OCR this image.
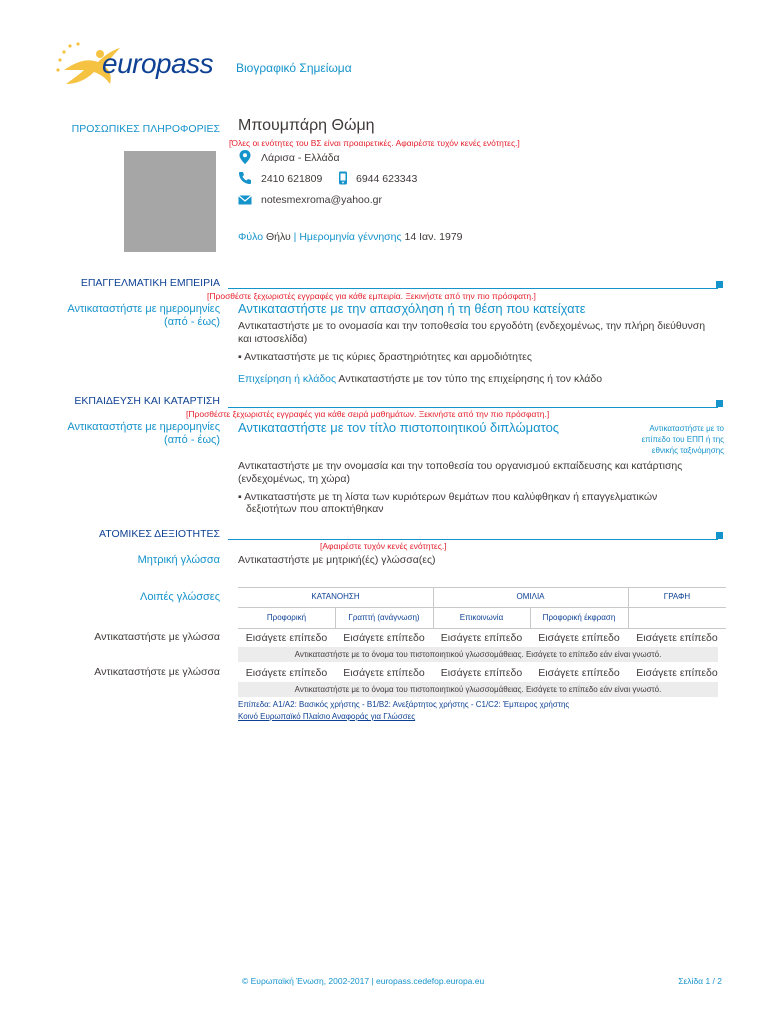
europass Βιογραφικό Σημείωμα
ΠΡΟΣΩΠΙΚΕΣ ΠΛΗΡΟΦΟΡΙΕΣ Μπουμπάρη Θώμη
[Όλες οι ενότητες του ΒΣ είναι προαιρετικές. Αφαιρέστε τυχόν κενές ενότητες.]
Λάρισα - Ελλάδα
2410 621809	6944 623343
notesmexroma@yahoo.gr
Φύλο Θήλυ | Ημερομηνία γέννησης 14 Ιαν. 1979
ΕΠΑΓΓΕΛΜΑΤΙΚΗ ΕΜΠΕΙΡΙΑ
[Προσθέστε ξεχωριστές εγγραφές για κάθε εμπειρία. Ξεκινήστε από την πιο πρόσφατη.]
Αντικαταστήστε με ημερομηνίες
(από - έως)
Αντικαταστήστε με την απασχόληση ή τη θέση που κατείχατε
Αντικαταστήστε με το ονομασία και την τοποθεσία του εργοδότη (ενδεχομένως, την πλήρη διεύθυνση
και ιστοσελίδα)
▪ Αντικαταστήστε με τις κύριες δραστηριότητες και αρμοδιότητες
Επιχείρηση ή κλάδος Αντικαταστήστε με τον τύπο της επιχείρησης ή τον κλάδο
ΕΚΠΑΙΔΕΥΣΗ ΚΑΙ ΚΑΤΑΡΤΙΣΗ
[Προσθέστε ξεχωριστές εγγραφές για κάθε σειρά μαθημάτων. Ξεκινήστε από την πιο πρόσφατη.]
Αντικαταστήστε με ημερομηνίες
(από - έως)
Αντικαταστήστε με τον τίτλο πιστοποιητικού διπλώματος	Αντικαταστήστε με το
επίπεδο του ΕΠΠ ή της
εθνικής ταξινόμησης
Αντικαταστήστε με την ονομασία και την τοποθεσία του οργανισμού εκπαίδευσης και κατάρτισης
(ενδεχομένως, τη χώρα)
▪ Αντικαταστήστε με τη λίστα των κυριότερων θεμάτων που καλύφθηκαν ή επαγγελματικών
δεξιοτήτων που αποκτήθηκαν
ΑΤΟΜΙΚΕΣ ΔΕΞΙΟΤΗΤΕΣ
[Αφαιρέστε τυχόν κενές ενότητες.]
Μητρική γλώσσα Αντικαταστήστε με μητρική(ές) γλώσσα(ες)
Λοιπές γλώσσες	ΚΑΤΑΝΟΗΣΗ	ΟΜΙΛΙΑ	ΓΡΑΦΗ
Προφορική	Γραπτή (ανάγνωση)	Επικοινωνία	Προφορική έκφραση
Αντικαταστήστε με γλώσσα	Εισάγετε επίπεδο	Εισάγετε επίπεδο	Εισάγετε επίπεδο	Εισάγετε επίπεδο	Εισάγετε επίπεδο
Αντικαταστήστε με το όνομα του πιστοποιητικού γλωσσομάθειας. Εισάγετε το επίπεδο εάν είναι γνωστό.
Αντικαταστήστε με γλώσσα	Εισάγετε επίπεδο	Εισάγετε επίπεδο	Εισάγετε επίπεδο	Εισάγετε επίπεδο	Εισάγετε επίπεδο
Αντικαταστήστε με το όνομα του πιστοποιητικού γλωσσομάθειας. Εισάγετε το επίπεδο εάν είναι γνωστό.
Επίπεδα: Α1/Α2: Βασικός χρήστης - Β1/Β2: Ανεξάρτητος χρήστης - C1/C2: Έμπειρος χρήστης
Κοινό Ευρωπαϊκό Πλαίσιο Αναφοράς για Γλώσσες
© Ευρωπαϊκή Ένωση, 2002-2017 | europass.cedefop.europa.eu	Σελίδα 1 / 2
